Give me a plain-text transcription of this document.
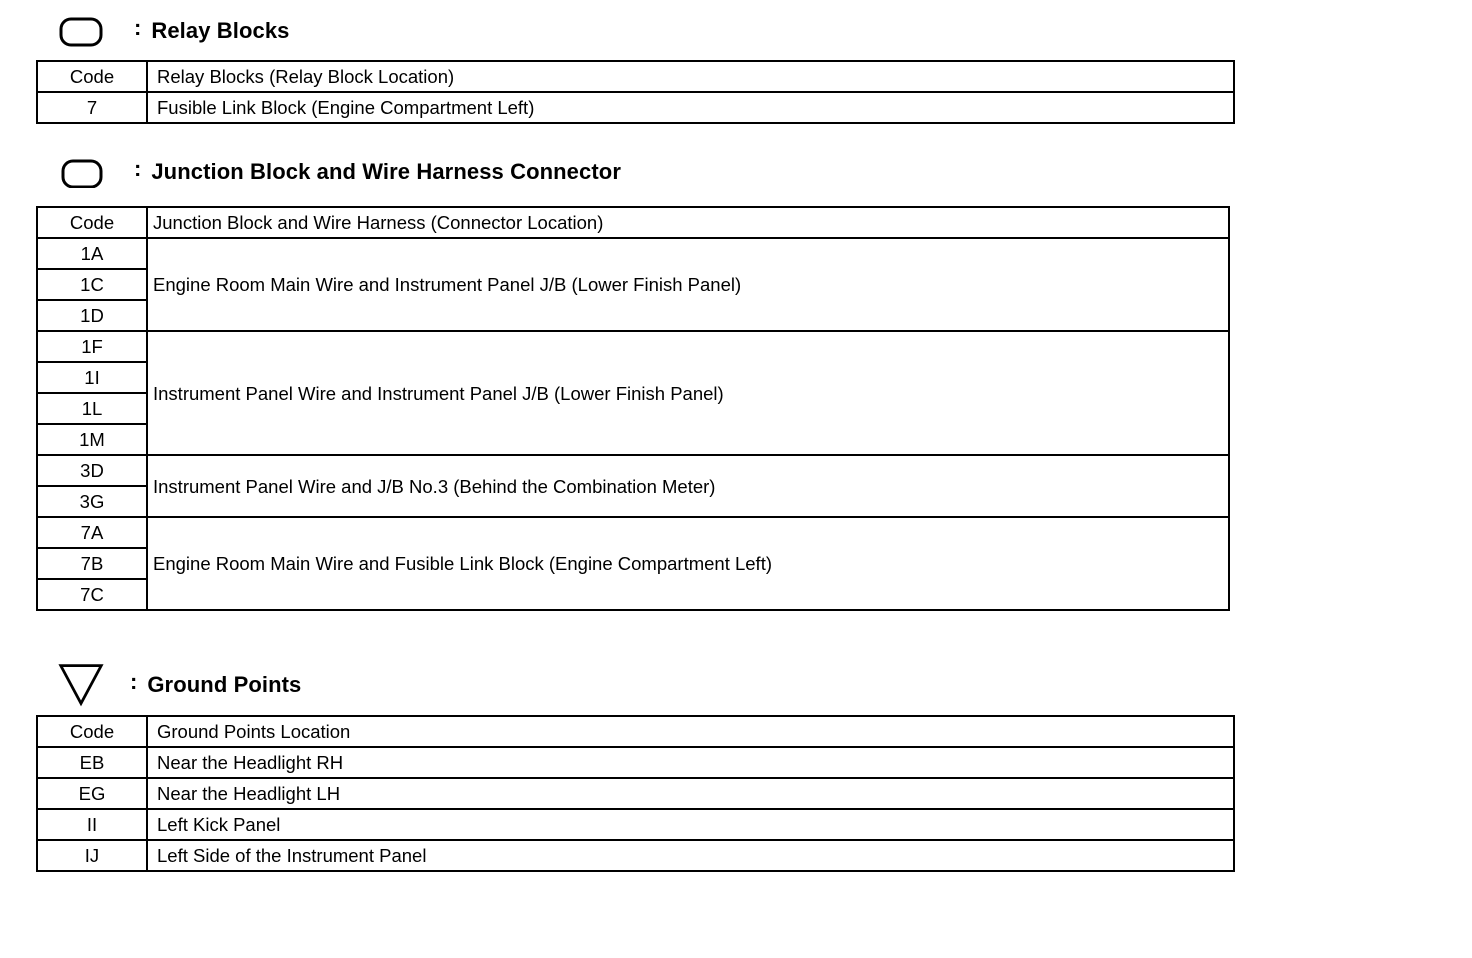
: Relay Blocks
Code	Relay Blocks (Relay Block Location)
7	Fusible Link Block (Engine Compartment Left)
: Junction Block and Wire Harness Connector
Code	Junction Block and Wire Harness (Connector Location)
1A	Engine Room Main Wire and Instrument Panel J/B (Lower Finish Panel)
1C	
1D	
1F	Instrument Panel Wire and Instrument Panel J/B (Lower Finish Panel)
1I	
1L	
1M	
3D	Instrument Panel Wire and J/B No.3 (Behind the Combination Meter)
3G	
7A	Engine Room Main Wire and Fusible Link Block (Engine Compartment Left)
7B	
7C	
: Ground Points
Code	Ground Points Location
EB	Near the Headlight RH
EG	Near the Headlight LH
II	Left Kick Panel
IJ	Left Side of the Instrument Panel
